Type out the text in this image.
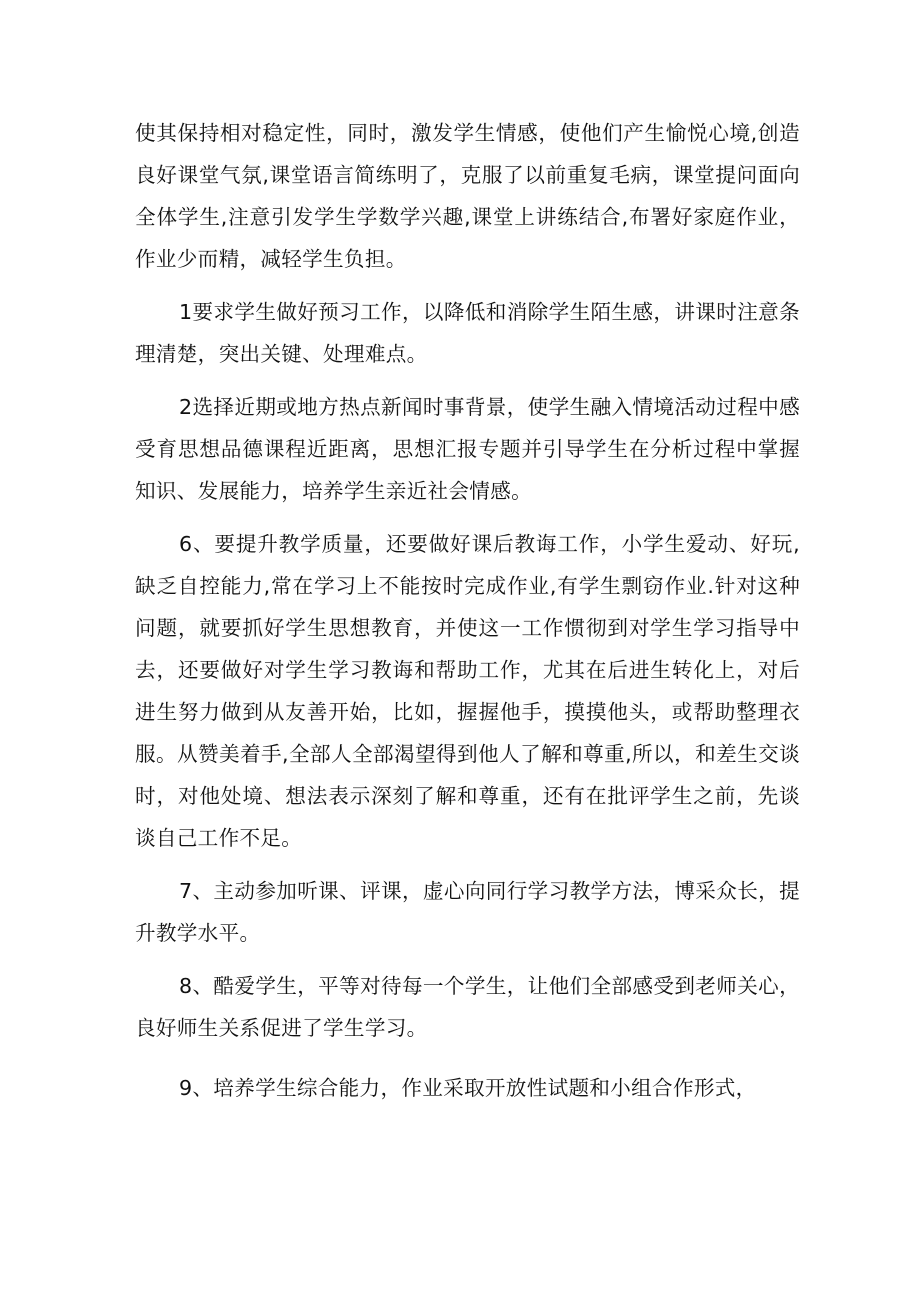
使其保持相对稳定性，同时，激发学生情感，使他们产生愉悦心境,创造良好课堂气氛,课堂语言简练明了，克服了以前重复毛病，课堂提问面向全体学生,注意引发学生学数学兴趣,课堂上讲练结合,布署好家庭作业，作业少而精，减轻学生负担。

1要求学生做好预习工作，以降低和消除学生陌生感，讲课时注意条理清楚，突出关键、处理难点。

2选择近期或地方热点新闻时事背景，使学生融入情境活动过程中感受育思想品德课程近距离，思想汇报专题并引导学生在分析过程中掌握知识、发展能力，培养学生亲近社会情感。

6、要提升教学质量，还要做好课后教诲工作，小学生爱动、好玩,缺乏自控能力,常在学习上不能按时完成作业,有学生剽窃作业.针对这种问题，就要抓好学生思想教育，并使这一工作惯彻到对学生学习指导中去，还要做好对学生学习教诲和帮助工作，尤其在后进生转化上，对后进生努力做到从友善开始，比如，握握他手，摸摸他头，或帮助整理衣服。从赞美着手,全部人全部渴望得到他人了解和尊重,所以，和差生交谈时，对他处境、想法表示深刻了解和尊重，还有在批评学生之前，先谈谈自己工作不足。

7、主动参加听课、评课，虚心向同行学习教学方法，博采众长，提升教学水平。

8、酷爱学生，平等对待每一个学生，让他们全部感受到老师关心，良好师生关系促进了学生学习。

9、培养学生综合能力，作业采取开放性试题和小组合作形式，
